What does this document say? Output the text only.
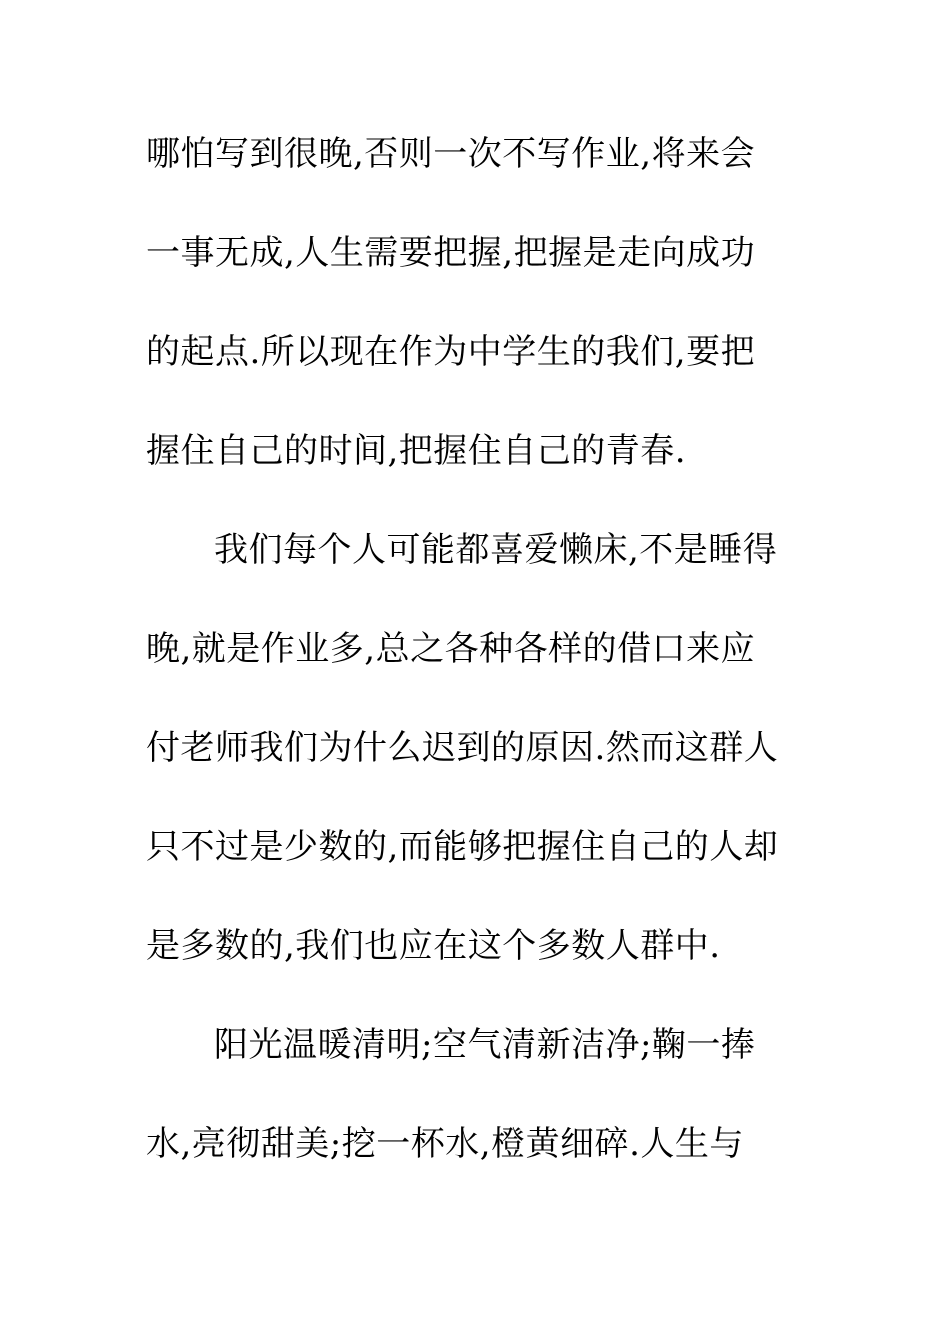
哪怕写到很晚,否则一次不写作业,将来会
一事无成,人生需要把握,把握是走向成功
的起点.所以现在作为中学生的我们,要把
握住自己的时间,把握住自己的青春.
我们每个人可能都喜爱懒床,不是睡得
晚,就是作业多,总之各种各样的借口来应
付老师我们为什么迟到的原因.然而这群人
只不过是少数的,而能够把握住自己的人却
是多数的,我们也应在这个多数人群中.
阳光温暖清明;空气清新洁净;鞠一捧
水,亮彻甜美;挖一杯水,橙黄细碎.人生与
